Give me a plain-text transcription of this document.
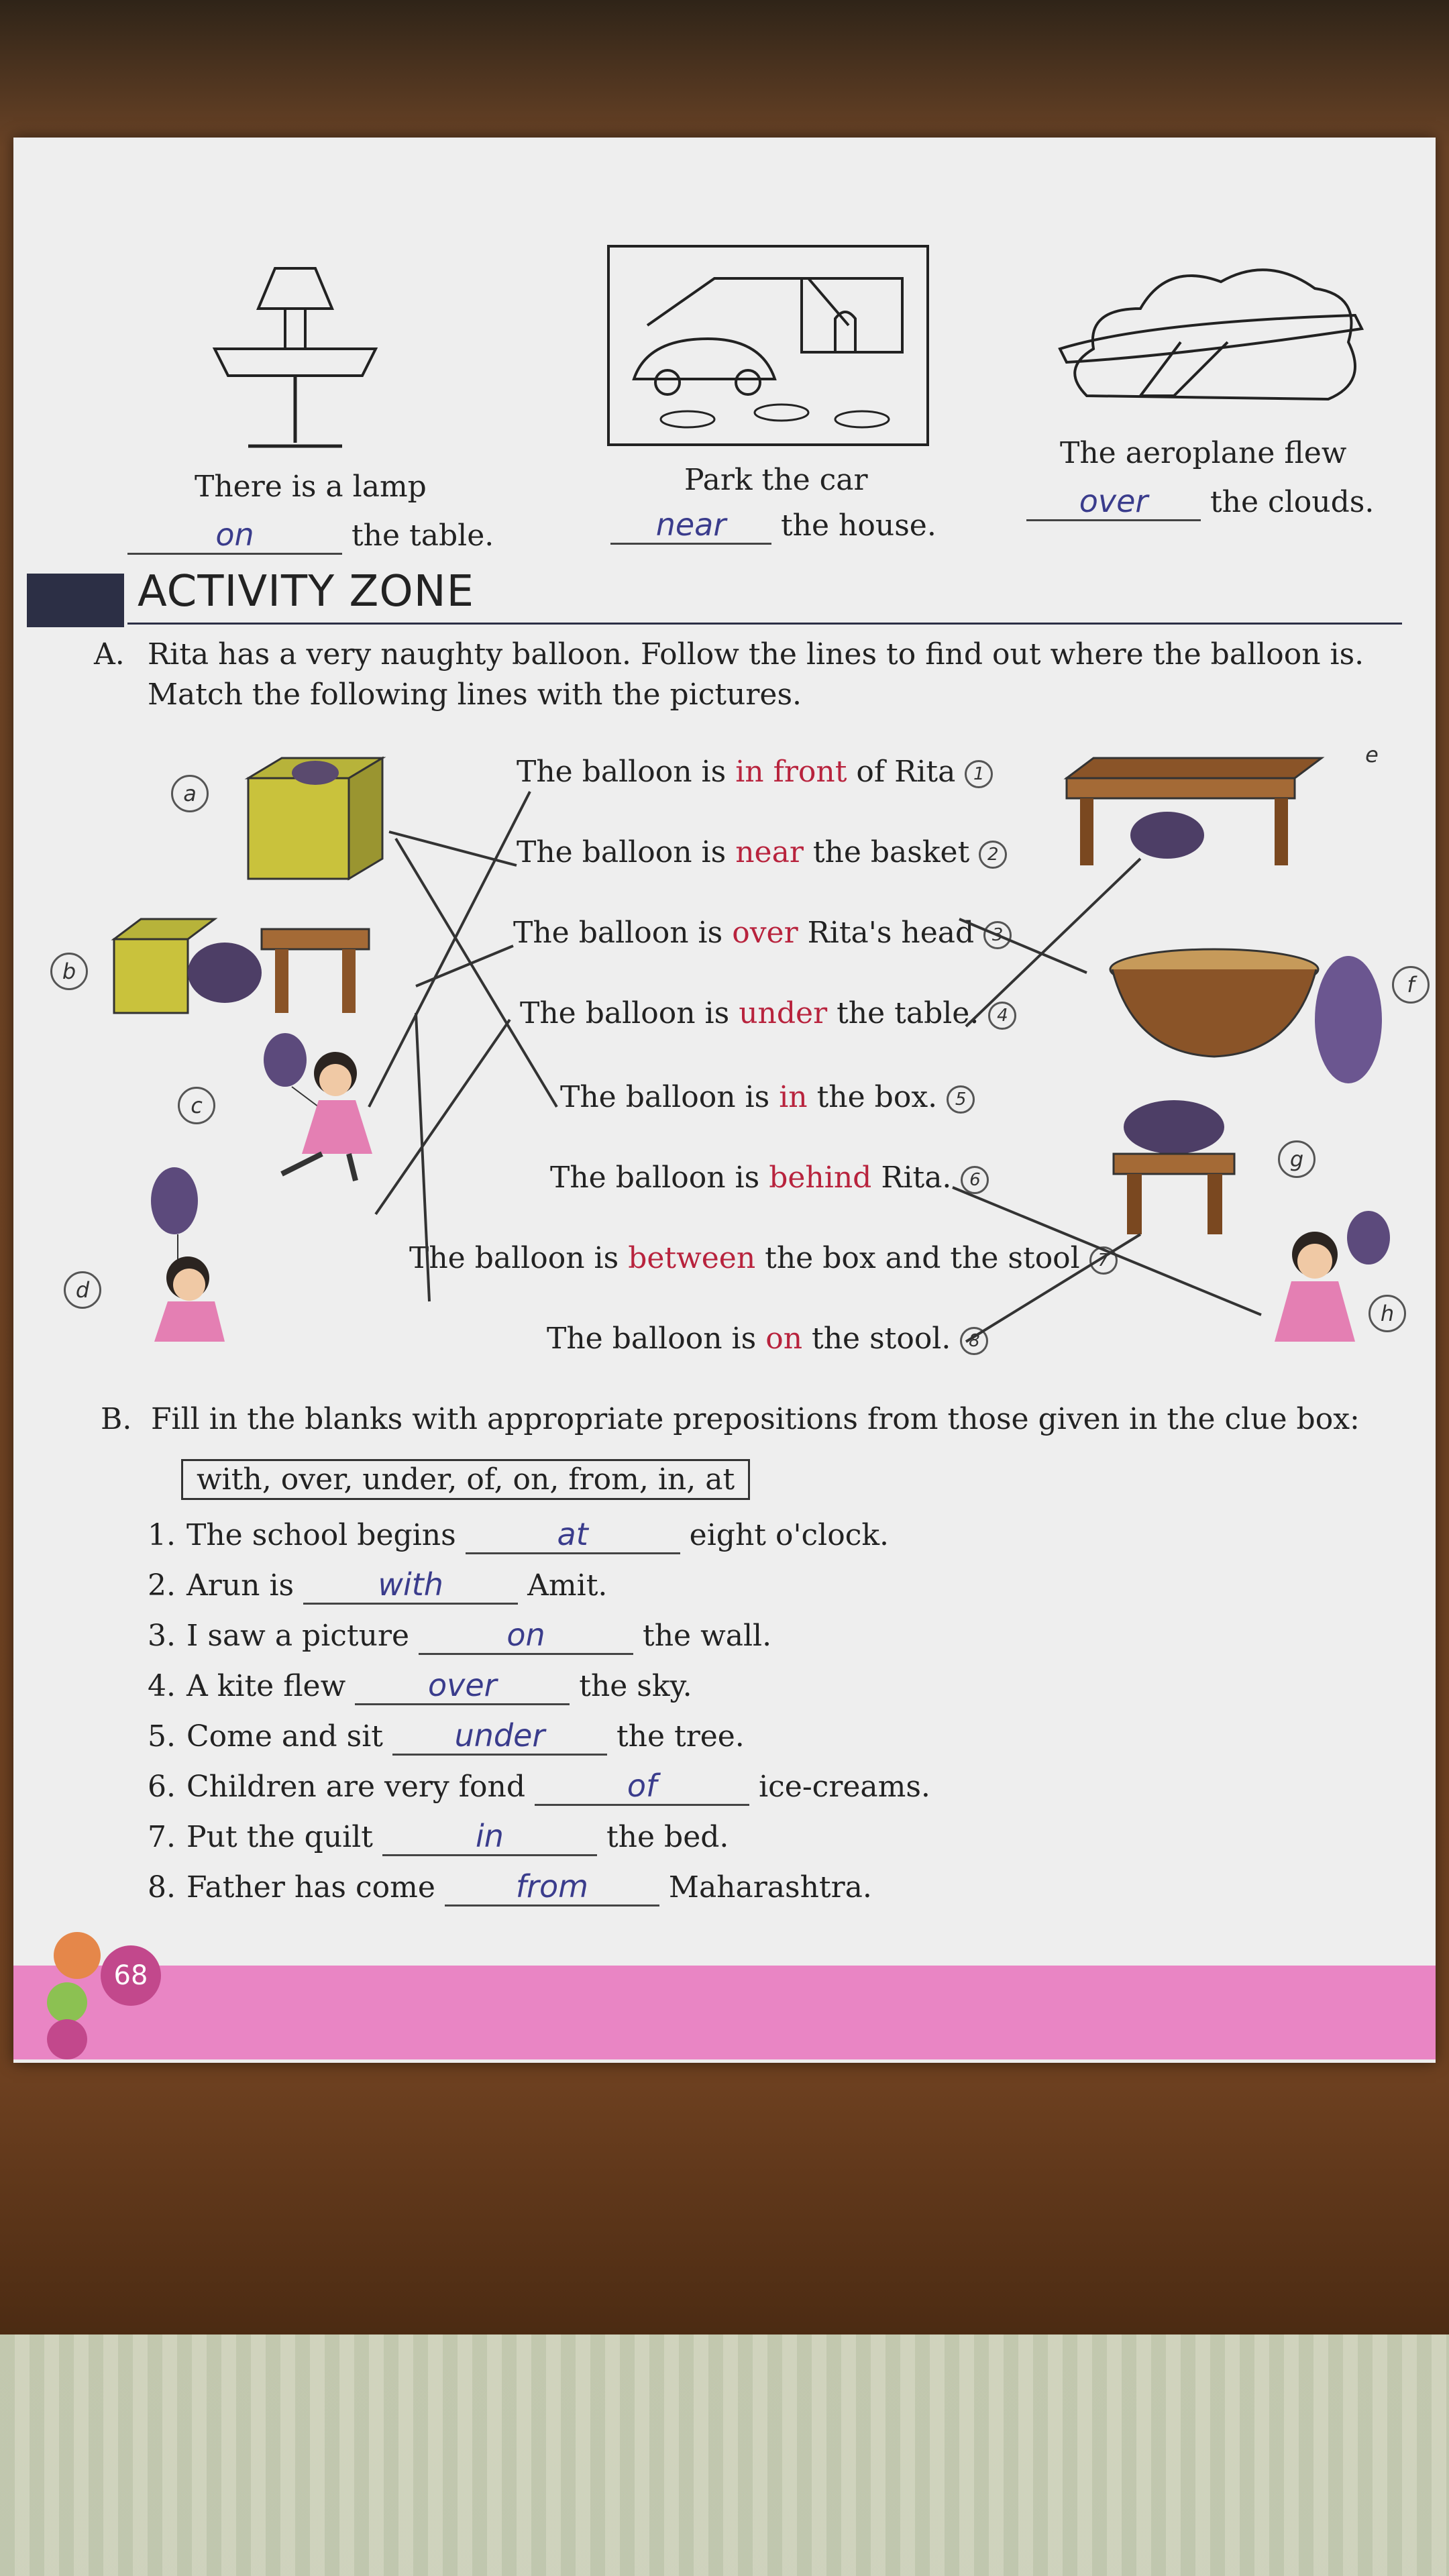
There is a lamp
on	the table.
Park the car
near the house.
The aeroplane flew
over the clouds.
ACTIVITY ZONE
A. Rita has a very naughty balloon. Follow the lines to find out where the balloon is.
Match the following lines with the pictures.
a
b
c
d
e
f
g
h
The balloon is in front of Rita 1
The balloon is near the basket 2
The balloon is over Rita's head 3
The balloon is under the table. 4
The balloon is in the box. 5
The balloon is behind Rita. 6
The balloon is between the box and the stool 7
The balloon is on the stool. 8
B. Fill in the blanks with appropriate prepositions from those given in the clue box:
with, over, under, of, on, from, in, at
1. The school begins	at	eight o'clock.
2. Arun is	with	Amit.
3. I saw a picture	on	the wall.
4. A kite flew	over	the sky.
5. Come and sit under the tree.
6. Children are very fond	of	ice-creams.
7. Put the quilt	in	the bed.
8. Father has come	from	Maharashtra.
68
